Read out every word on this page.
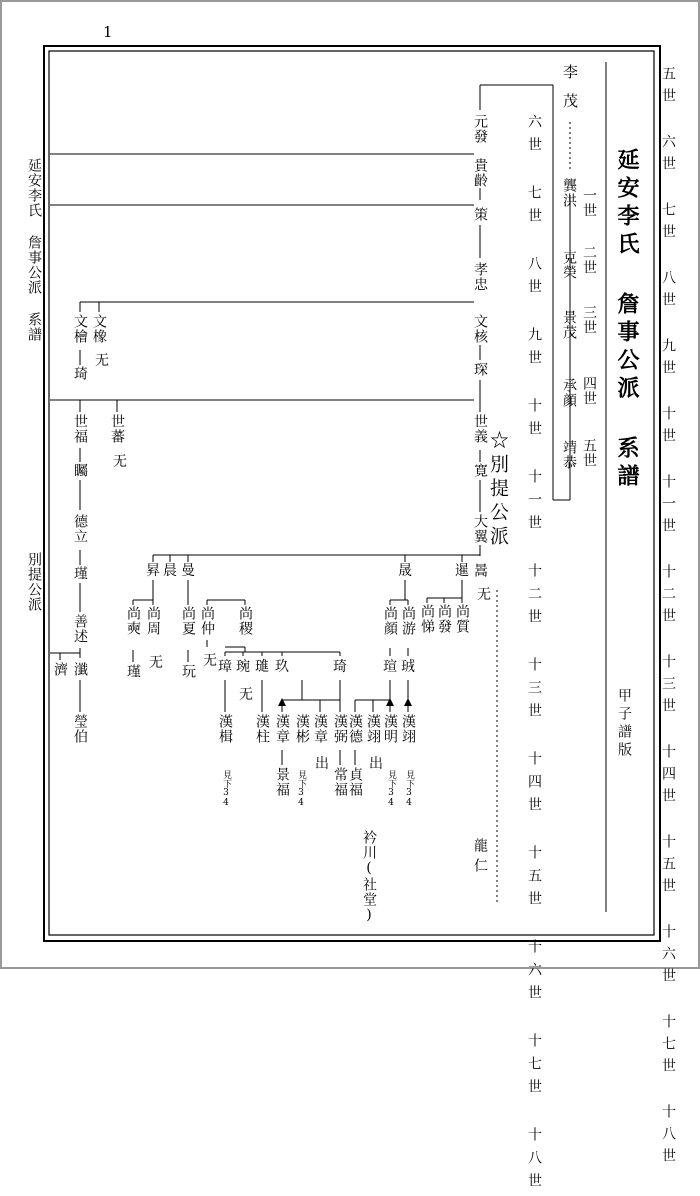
1
五世 六世 七世 八世 九世 十世 十一世 十二世 十三世 十四世 十五世 十六世 十七世 十八世
延安李氏 詹事公派 系譜
甲子譜版
一世
二世
三世
四世
五世
六世 七世 八世 九世 十世 十一世 十二世 十三世 十四世 十五世 十六世 十七世 十八世
李茂
龔洪
克榮
景茂
承顔
靖恭
元發
貴齡
策
孝忠
文核
琛
世義
寛
大翼
暠
无
☆別提公派
延安李氏 詹事公派 系譜
別提公派
文橡
无
文檜
琦
世蕃
无
世福
矚
德立
瑾
善述
濟 瀸
瑩伯
昪 晨 曼	晟	暹
尚周
无
尚奭
瑾
尚夏
玩
尚仲
无
尚稷	尚顔 尚游 尚悌 尚發 尚質
璋 琬
无
璡 玖	琦	瑄 珬
漢楫 漢柱 漢章 漢彬 漢章
出
漢弼 漢德 漢翊
出
漢明 漢翊
見下34	見下34	見下34 見下34
景福	常福 貞福
衿川(社堂)	龍仁
